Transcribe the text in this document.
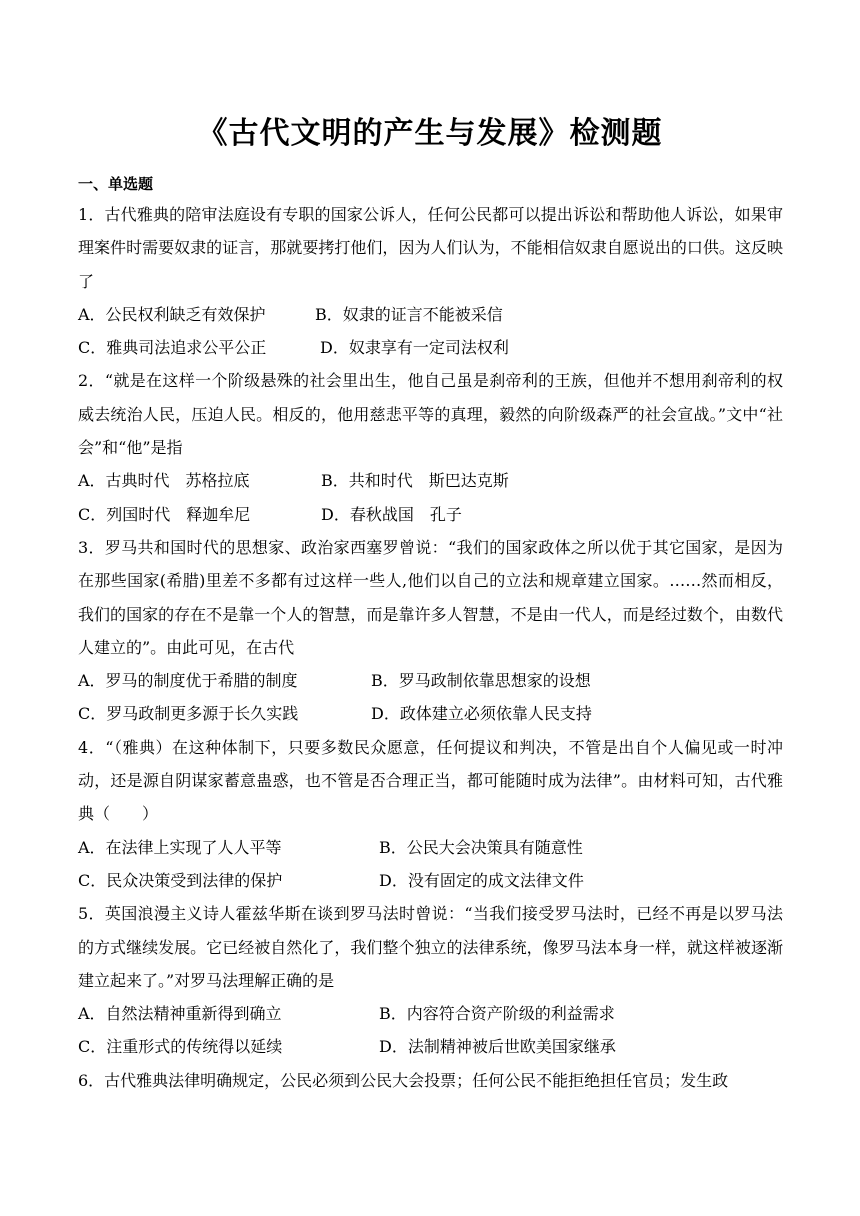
《古代文明的产生与发展》检测题
一、单选题

1．古代雅典的陪审法庭设有专职的国家公诉人，任何公民都可以提出诉讼和帮助他人诉讼，如果审理案件时需要奴隶的证言，那就要拷打他们，因为人们认为，不能相信奴隶自愿说出的口供。这反映了

A．公民权利缺乏有效保护	B．奴隶的证言不能被采信
C．雅典司法追求公平公正	D．奴隶享有一定司法权利

2．“就是在这样一个阶级悬殊的社会里出生，他自己虽是刹帝利的王族，但他并不想用刹帝利的权威去统治人民，压迫人民。相反的，他用慈悲平等的真理，毅然的向阶级森严的社会宣战。”文中“社会”和“他”是指

A．古典时代　苏格拉底	B．共和时代　斯巴达克斯
C．列国时代　释迦牟尼	D．春秋战国　孔子

3．罗马共和国时代的思想家、政治家西塞罗曾说：“我们的国家政体之所以优于其它国家，是因为在那些国家(希腊)里差不多都有过这样一些人,他们以自己的立法和规章建立国家。……然而相反，我们的国家的存在不是靠一个人的智慧，而是靠许多人智慧，不是由一代人，而是经过数个，由数代人建立的”。由此可见，在古代

A．罗马的制度优于希腊的制度	B．罗马政制依靠思想家的设想
C．罗马政制更多源于长久实践	D．政体建立必须依靠人民支持

4．“（雅典）在这种体制下，只要多数民众愿意，任何提议和判决，不管是出自个人偏见或一时冲动，还是源自阴谋家蓄意蛊惑，也不管是否合理正当，都可能随时成为法律”。由材料可知，古代雅典（　　）

A．在法律上实现了人人平等	B．公民大会决策具有随意性
C．民众决策受到法律的保护	D．没有固定的成文法律文件

5．英国浪漫主义诗人霍兹华斯在谈到罗马法时曾说：“当我们接受罗马法时，已经不再是以罗马法的方式继续发展。它已经被自然化了，我们整个独立的法律系统，像罗马法本身一样，就这样被逐渐建立起来了。”对罗马法理解正确的是

A．自然法精神重新得到确立	B．内容符合资产阶级的利益需求
C．注重形式的传统得以延续	D．法制精神被后世欧美国家继承

6．古代雅典法律明确规定，公民必须到公民大会投票；任何公民不能拒绝担任官员；发生政
